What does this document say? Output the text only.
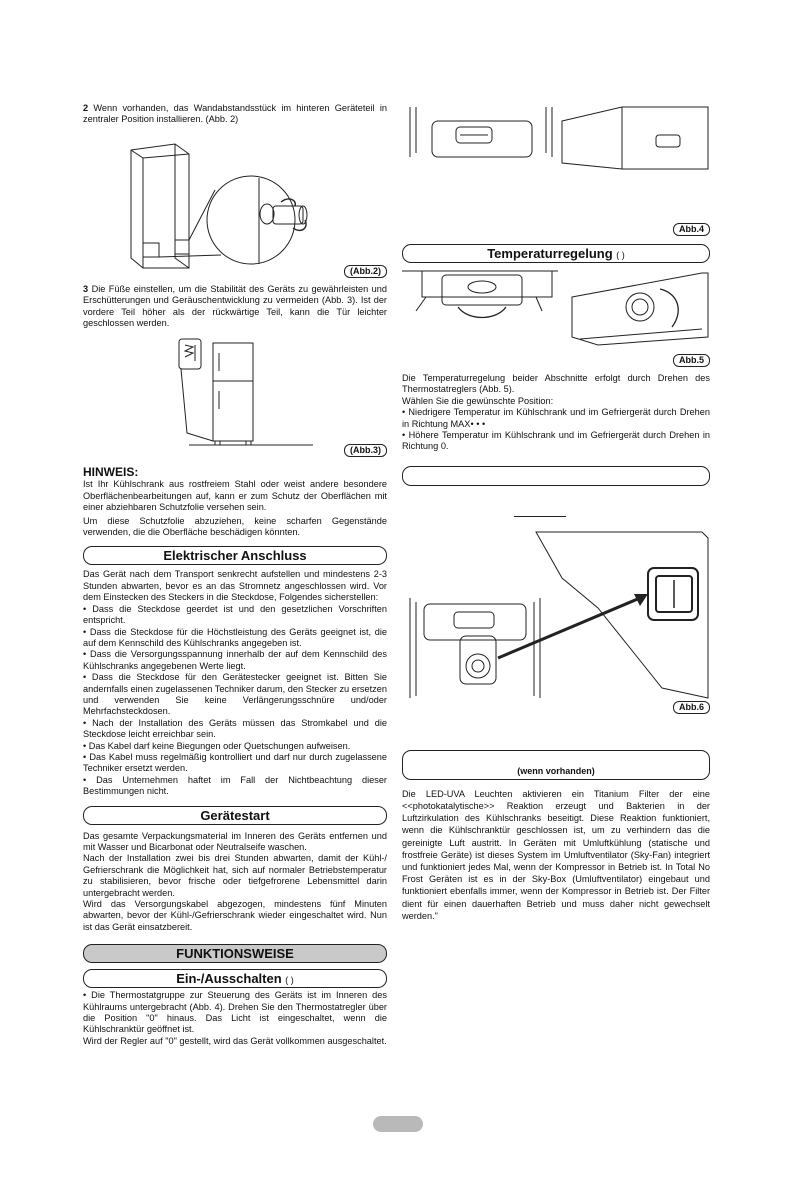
2 Wenn vorhanden, das Wandabstandsstück im hinteren Geräteteil in zentraler Position installieren. (Abb. 2)

(Abb.2)

3 Die Füße einstellen, um die Stabilität des Geräts zu gewährleisten und Erschütterungen und Geräuschentwicklung zu vermeiden (Abb. 3). Ist der vordere Teil höher als der rückwärtige Teil, kann die Tür leichter geschlossen werden.

(Abb.3)
HINWEIS:

Ist Ihr Kühlschrank aus rostfreiem Stahl oder weist andere besondere Oberflächenbearbeitungen auf, kann er zum Schutz der Oberflächen mit einer abziehbaren Schutzfolie versehen sein.

Um diese Schutzfolie abzuziehen, keine scharfen Gegenstände verwenden, die die Oberfläche beschädigen könnten.

Elektrischer Anschluss

Das Gerät nach dem Transport senkrecht aufstellen und mindestens 2-3 Stunden abwarten, bevor es an das Stromnetz angeschlossen wird. Vor dem Einstecken des Steckers in die Steckdose, Folgendes sicherstellen:

• Dass die Steckdose geerdet ist und den gesetzlichen Vorschriften entspricht.

• Dass die Steckdose für die Höchstleistung des Geräts geeignet ist, die auf dem Kennschild des Kühlschranks angegeben ist.

• Dass die Versorgungsspannung innerhalb der auf dem Kennschild des Kühlschranks angegebenen Werte liegt.

• Dass die Steckdose für den Gerätestecker geeignet ist. Bitten Sie andernfalls einen zugelassenen Techniker darum, den Stecker zu ersetzen und verwenden Sie keine Verlängerungsschnüre und/oder Mehrfachsteckdosen.

• Nach der Installation des Geräts müssen das Stromkabel und die Steckdose leicht erreichbar sein.

• Das Kabel darf keine Biegungen oder Quetschungen aufweisen.

• Das Kabel muss regelmäßig kontrolliert und darf nur durch zugelassene Techniker ersetzt werden.

• Das Unternehmen haftet im Fall der Nichtbeachtung dieser Bestimmungen nicht.

Gerätestart

Das gesamte Verpackungsmaterial im Inneren des Geräts entfernen und mit Wasser und Bicarbonat oder Neutralseife waschen.

Nach der Installation zwei bis drei Stunden abwarten, damit der Kühl-/ Gefrierschrank die Möglichkeit hat, sich auf normaler Betriebstemperatur zu stabilisieren, bevor frische oder tiefgefrorene Lebensmittel darin untergebracht werden.

Wird das Versorgungskabel abgezogen, mindestens fünf Minuten abwarten, bevor der Kühl-/Gefrierschrank wieder eingeschaltet wird. Nun ist das Gerät einsatzbereit.

FUNKTIONSWEISE
Ein-/Ausschalten ( )

• Die Thermostatgruppe zur Steuerung des Geräts ist im Inneren des Kühlraums untergebracht (Abb. 4). Drehen Sie den Thermostatregler über die Position "0" hinaus. Das Licht ist eingeschaltet, wenn die Kühlschranktür geöffnet ist.

Wird der Regler auf "0" gestellt, wird das Gerät vollkommen ausgeschaltet.

Abb.4
Temperaturregelung ( )
Abb.5

Die Temperaturregelung beider Abschnitte erfolgt durch Drehen des Thermostatreglers (Abb. 5).

Wählen Sie die gewünschte Position:

• Niedrigere Temperatur im Kühlschrank und im Gefriergerät durch Drehen in Richtung MAX• • •

• Höhere Temperatur im Kühlschrank und im Gefriergerät durch Drehen in Richtung 0.

Abb.6
(wenn vorhanden)

Die LED-UVA Leuchten aktivieren ein Titanium Filter der eine <<photokatalytische>> Reaktion erzeugt und Bakterien in der Luftzirkulation des Kühlschranks beseitigt. Diese Reaktion funktioniert, wenn die Kühlschranktür geschlossen ist, um zu verhindern das die gereinigte Luft austritt. In Geräten mit Umluftkühlung (statische und frostfreie Geräte) ist dieses System im Umluftventilator (Sky-Fan) integriert und funktioniert jedes Mal, wenn der Kompressor in Betrieb ist. In Total No Frost Geräten ist es in der Sky-Box (Umluftventilator) eingebaut und funktioniert ebenfalls immer, wenn der Kompressor in Betrieb ist. Der Filter dient für einen dauerhaften Betrieb und muss daher nicht gewechselt werden."
